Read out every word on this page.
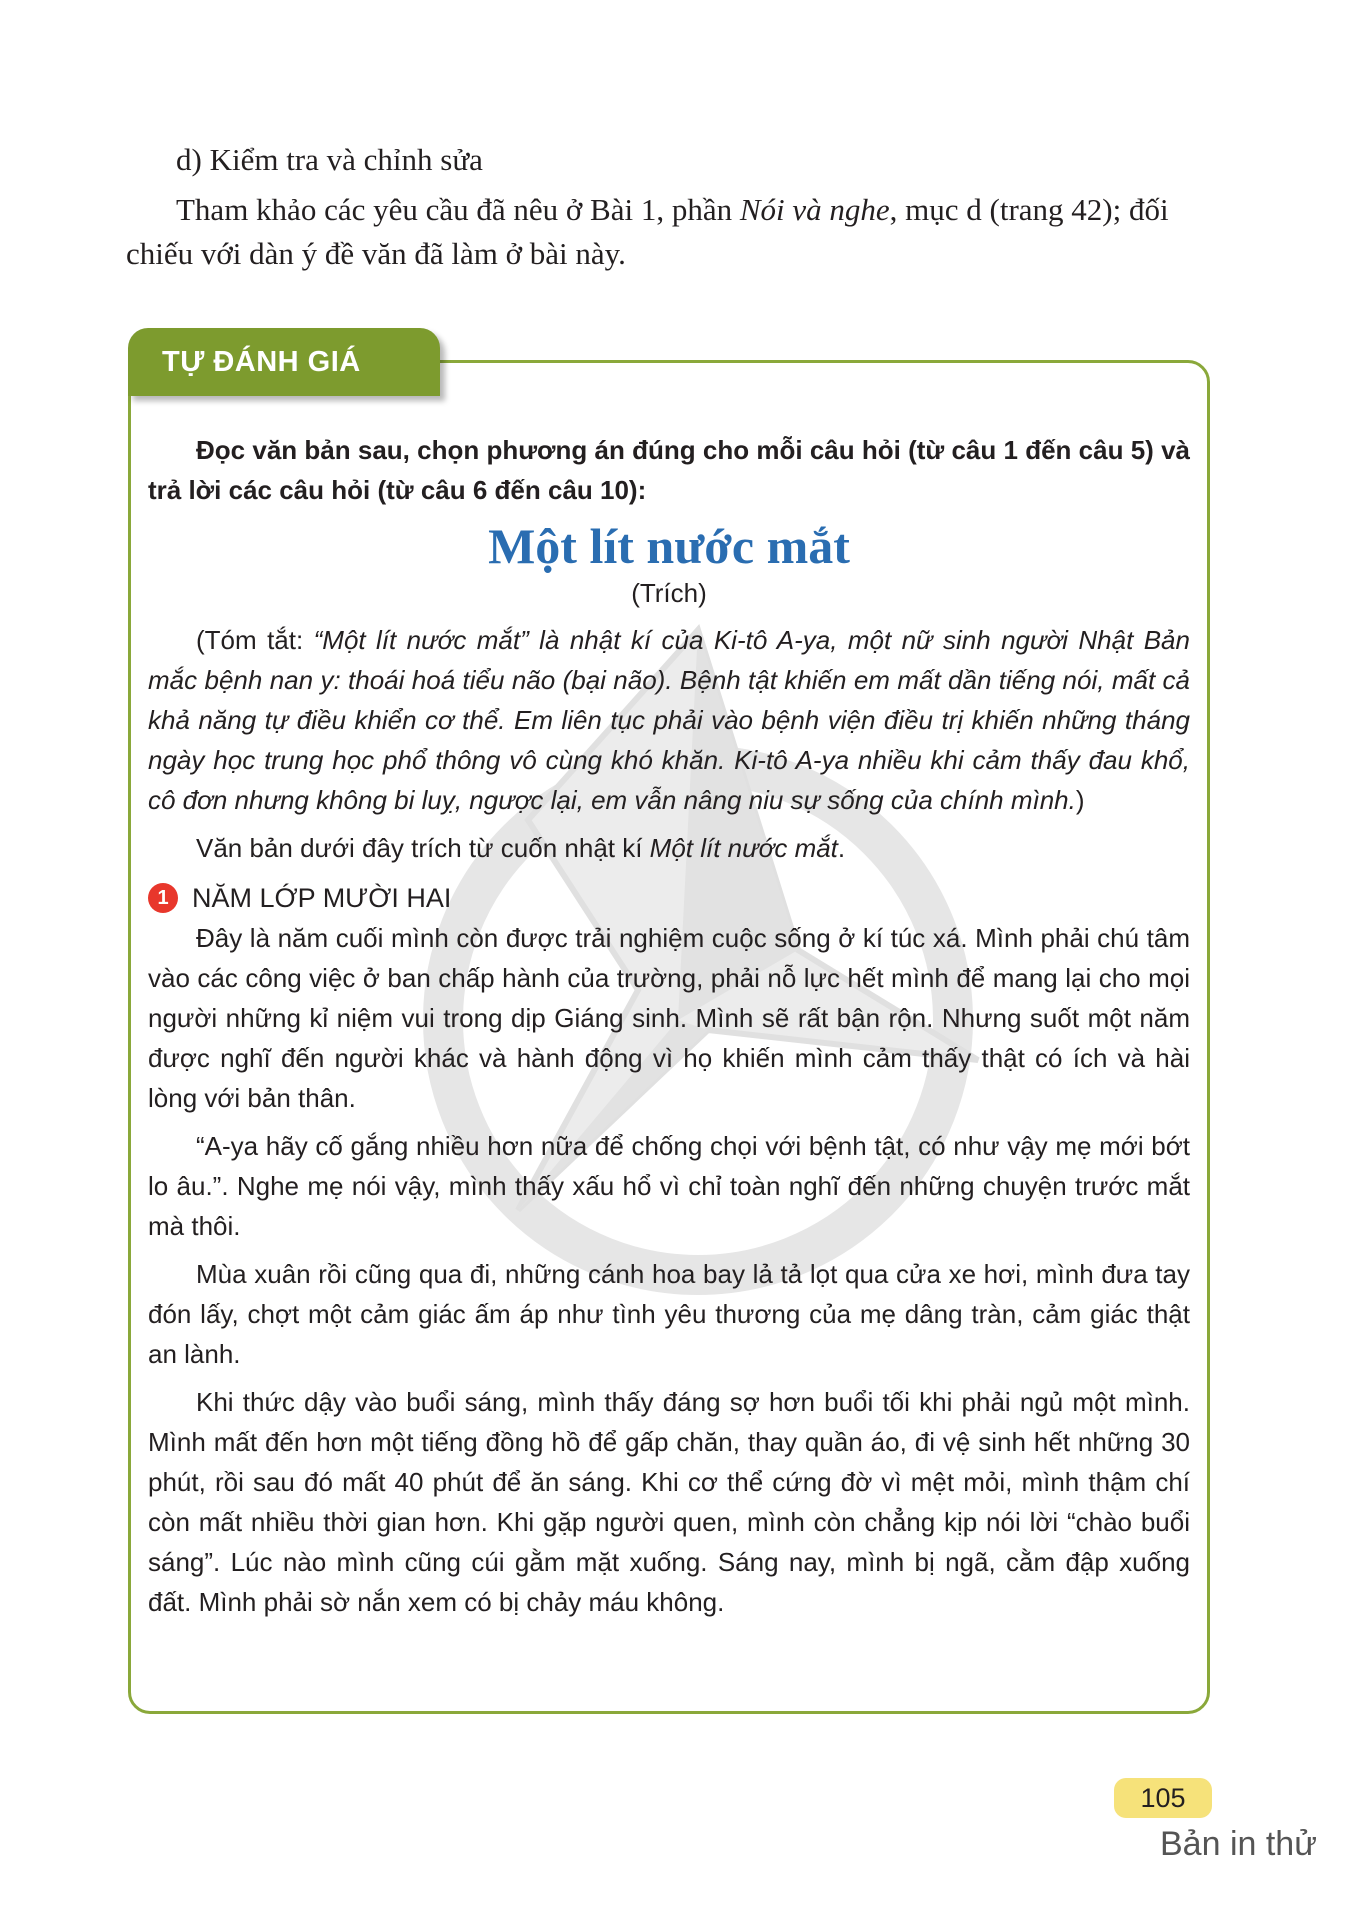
d) Kiểm tra và chỉnh sửa
Tham khảo các yêu cầu đã nêu ở Bài 1, phần Nói và nghe, mục d (trang 42); đối
chiếu với dàn ý đề văn đã làm ở bài này.
TỰ ĐÁNH GIÁ

Đọc văn bản sau, chọn phương án đúng cho mỗi câu hỏi (từ câu 1 đến câu 5) và trả lời các câu hỏi (từ câu 6 đến câu 10):

Một lít nước mắt
(Trích)

(Tóm tắt: “Một lít nước mắt” là nhật kí của Ki-tô A-ya, một nữ sinh người Nhật Bản mắc bệnh nan y: thoái hoá tiểu não (bại não). Bệnh tật khiến em mất dần tiếng nói, mất cả khả năng tự điều khiển cơ thể. Em liên tục phải vào bệnh viện điều trị khiến những tháng ngày học trung học phổ thông vô cùng khó khăn. Ki-tô A-ya nhiều khi cảm thấy đau khổ, cô đơn nhưng không bi luỵ, ngược lại, em vẫn nâng niu sự sống của chính mình.)

Văn bản dưới đây trích từ cuốn nhật kí Một lít nước mắt.

1 NĂM LỚP MƯỜI HAI

Đây là năm cuối mình còn được trải nghiệm cuộc sống ở kí túc xá. Mình phải chú tâm vào các công việc ở ban chấp hành của trường, phải nỗ lực hết mình để mang lại cho mọi người những kỉ niệm vui trong dịp Giáng sinh. Mình sẽ rất bận rộn. Nhưng suốt một năm được nghĩ đến người khác và hành động vì họ khiến mình cảm thấy thật có ích và hài lòng với bản thân.

“A-ya hãy cố gắng nhiều hơn nữa để chống chọi với bệnh tật, có như vậy mẹ mới bớt lo âu.”. Nghe mẹ nói vậy, mình thấy xấu hổ vì chỉ toàn nghĩ đến những chuyện trước mắt mà thôi.

Mùa xuân rồi cũng qua đi, những cánh hoa bay lả tả lọt qua cửa xe hơi, mình đưa tay đón lấy, chợt một cảm giác ấm áp như tình yêu thương của mẹ dâng tràn, cảm giác thật an lành.

Khi thức dậy vào buổi sáng, mình thấy đáng sợ hơn buổi tối khi phải ngủ một mình. Mình mất đến hơn một tiếng đồng hồ để gấp chăn, thay quần áo, đi vệ sinh hết những 30 phút, rồi sau đó mất 40 phút để ăn sáng. Khi cơ thể cứng đờ vì mệt mỏi, mình thậm chí còn mất nhiều thời gian hơn. Khi gặp người quen, mình còn chẳng kịp nói lời “chào buổi sáng”. Lúc nào mình cũng cúi gằm mặt xuống. Sáng nay, mình bị ngã, cằm đập xuống đất. Mình phải sờ nắn xem có bị chảy máu không.

105
Bản in thử
